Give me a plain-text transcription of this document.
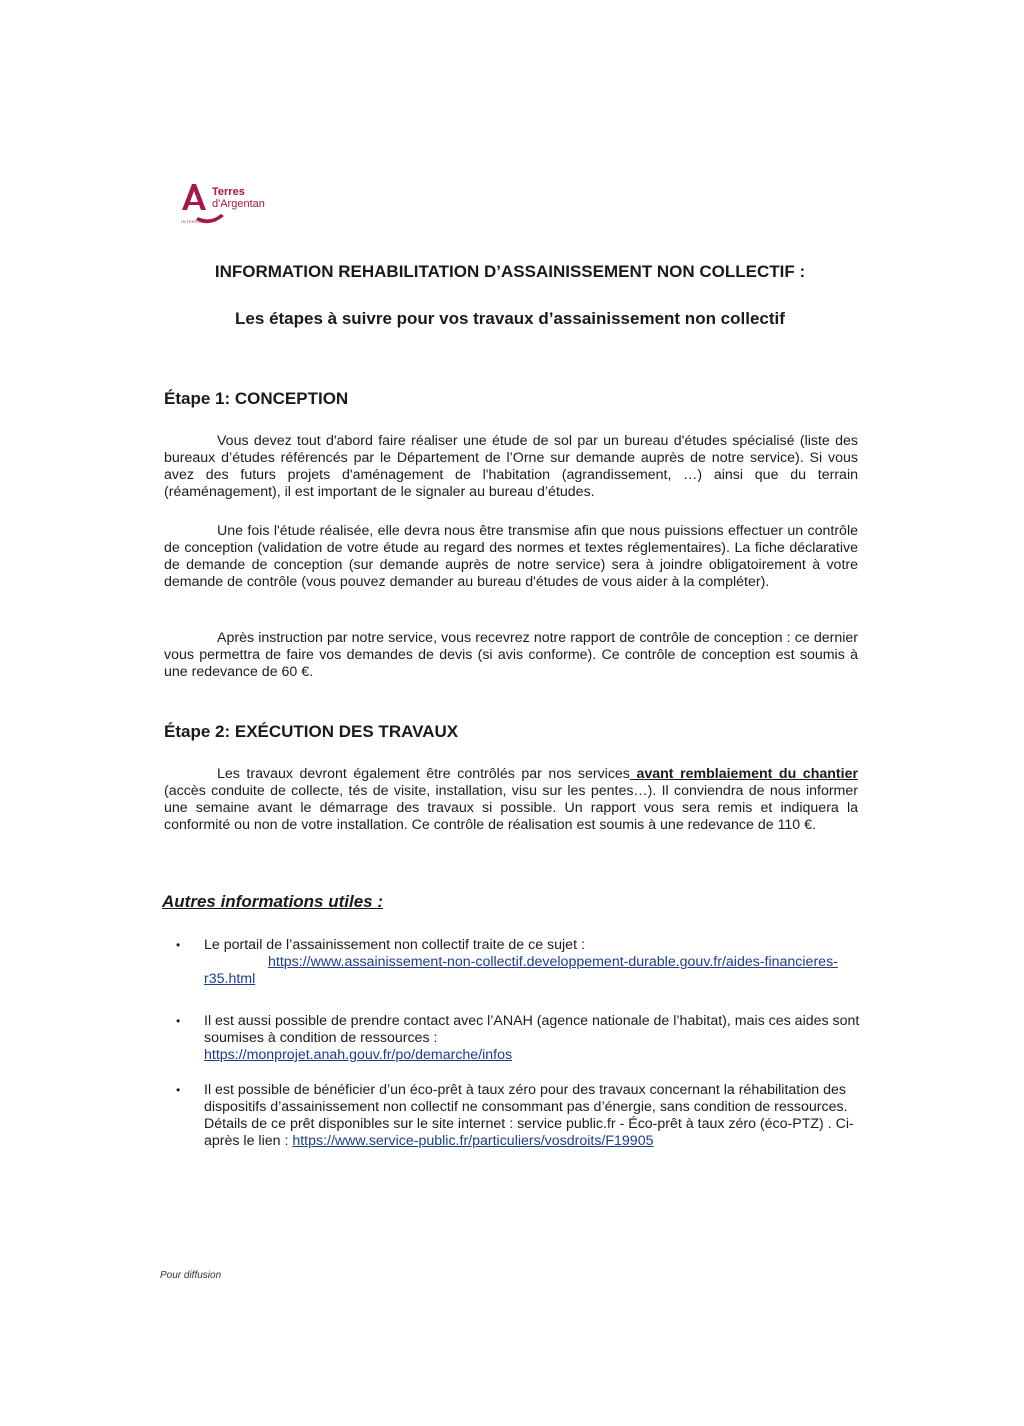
Terres
d'Argentan
INTERCO
INFORMATION REHABILITATION D’ASSAINISSEMENT NON COLLECTIF :
Les étapes à suivre pour vos travaux d’assainissement non collectif
Étape 1: CONCEPTION
Vous devez tout d'abord faire réaliser une étude de sol par un bureau d'études spécialisé (liste des bureaux d’études référencés par le Département de l’Orne sur demande auprès de notre service). Si vous avez des futurs projets d'aménagement de l'habitation (agrandissement, …) ainsi que du terrain (réaménagement), il est important de le signaler au bureau d’études.
Une fois l'étude réalisée, elle devra nous être transmise afin que nous puissions effectuer un contrôle de conception (validation de votre étude au regard des normes et textes réglementaires). La fiche déclarative de demande de conception (sur demande auprès de notre service) sera à joindre obligatoirement à votre demande de contrôle (vous pouvez demander au bureau d'études de vous aider à la compléter).
Après instruction par notre service, vous recevrez notre rapport de contrôle de conception : ce dernier vous permettra de faire vos demandes de devis (si avis conforme). Ce contrôle de conception est soumis à une redevance de 60 €.
Étape 2: EXÉCUTION DES TRAVAUX
Les travaux devront également être contrôlés par nos services avant remblaiement du chantier (accès conduite de collecte, tés de visite, installation, visu sur les pentes…). Il conviendra de nous informer une semaine avant le démarrage des travaux si possible. Un rapport vous sera remis et indiquera la conformité ou non de votre installation. Ce contrôle de réalisation est soumis à une redevance de 110 €.
Autres informations utiles :
• Le portail de l’assainissement non collectif traite de ce sujet :
https://www.assainissement-non-collectif.developpement-durable.gouv.fr/aides-financieres-r35.html
• Il est aussi possible de prendre contact avec l’ANAH (agence nationale de l’habitat), mais ces aides sont soumises à condition de ressources :
https://monprojet.anah.gouv.fr/po/demarche/infos
• Il est possible de bénéficier d’un éco-prêt à taux zéro pour des travaux concernant la réhabilitation des dispositifs d’assainissement non collectif ne consommant pas d’énergie, sans condition de ressources. Détails de ce prêt disponibles sur le site internet : service public.fr - Éco-prêt à taux zéro (éco-PTZ) . Ci-après le lien : https://www.service-public.fr/particuliers/vosdroits/F19905
Pour diffusion
